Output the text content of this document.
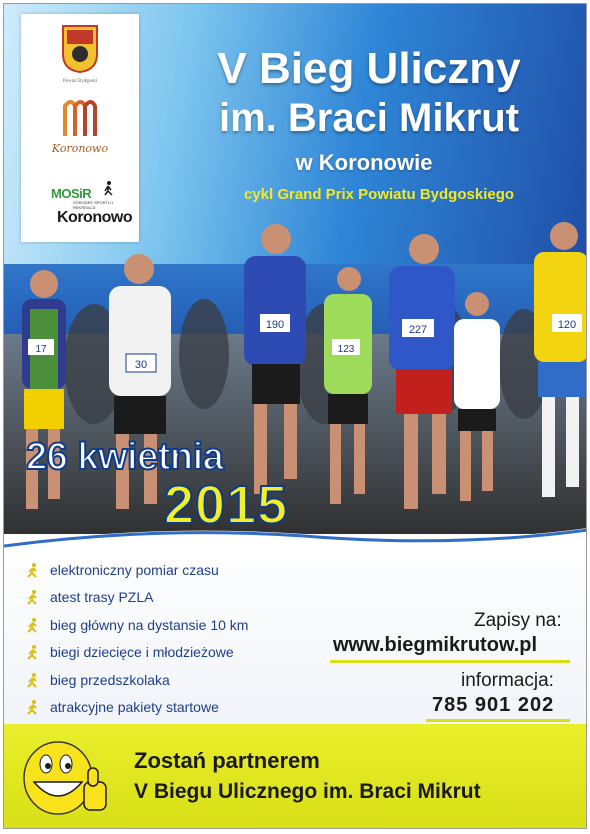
17
30
190
123
227	120
Powiat Bydgoski
Koronowo
MOSiR
OŚRODEK SPORTU I REKREACJI
Koronowo
V Bieg Uliczny
im. Braci Mikrut
w Koronowie
cykl Grand Prix Powiatu Bydgoskiego
26 kwietnia
2015
elektroniczny pomiar czasu
atest trasy PZLA
bieg główny na dystansie 10 km
biegi dziecięce i młodzieżowe
bieg przedszkolaka
atrakcyjne pakiety startowe
Zapisy na:
www.biegmikrutow.pl
informacja:
785 901 202
Zostań partnerem
V Biegu Ulicznego im. Braci Mikrut
